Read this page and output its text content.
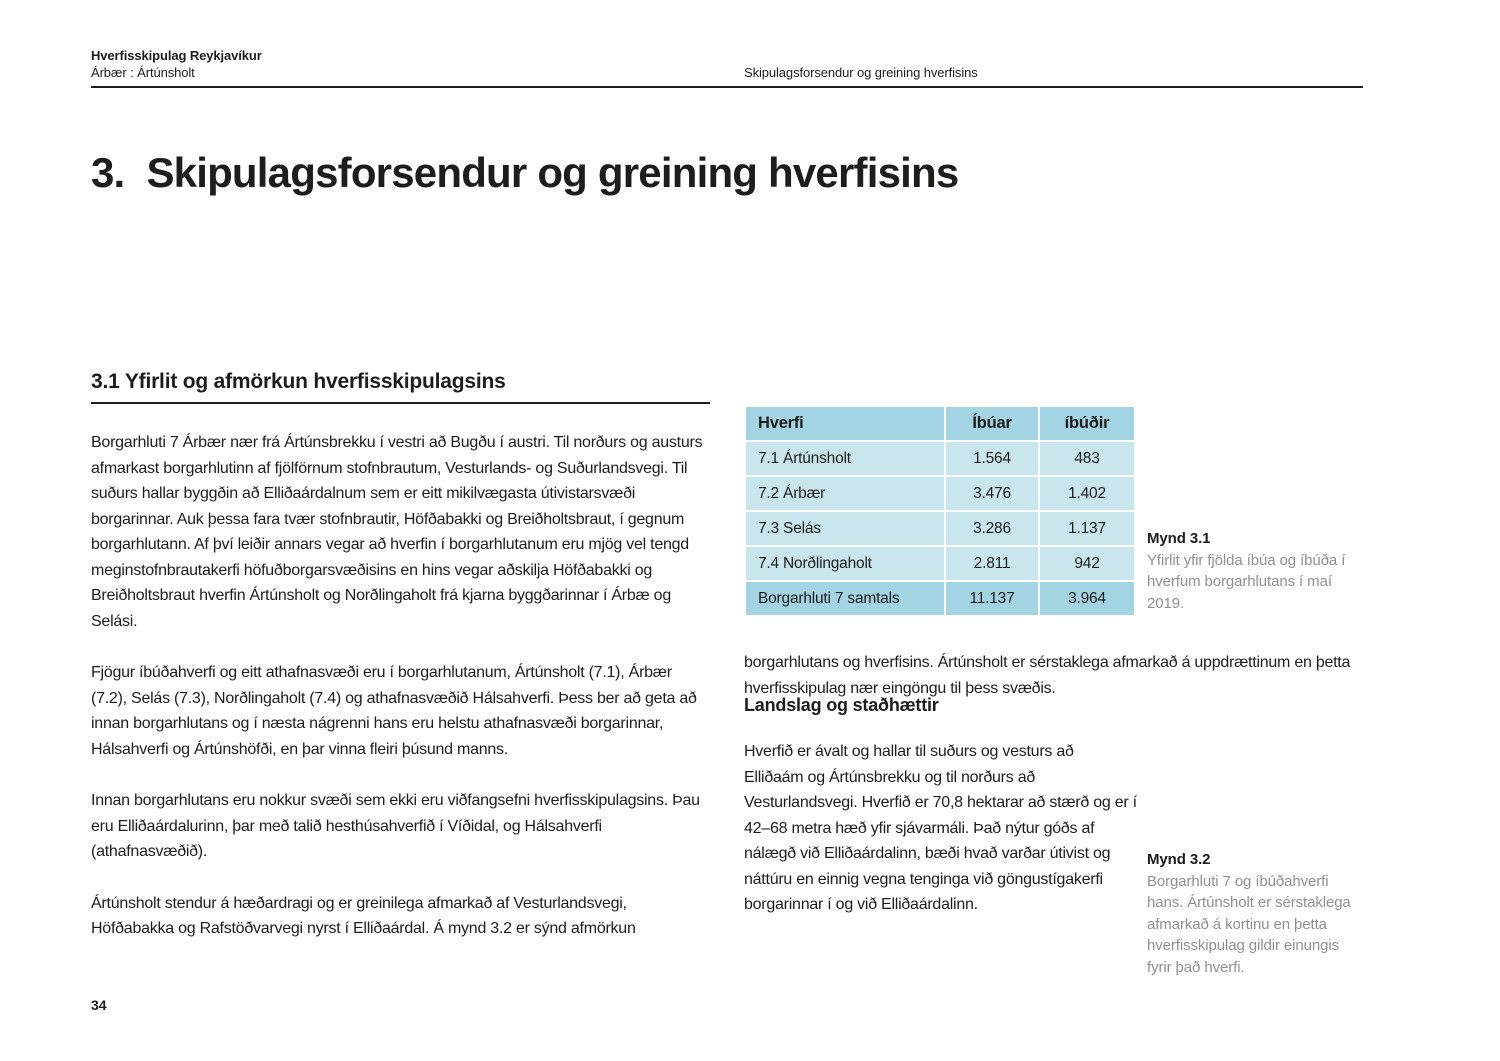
Hverfisskipulag Reykjavíkur
Árbær : Ártúnsholt	Skipulagsforsendur og greining hverfisins
3. Skipulagsforsendur og greining hverfisins
3.1 Yfirlit og afmörkun hverfisskipulagsins

Borgarhluti 7 Árbær nær frá Ártúnsbrekku í vestri að Bugðu í austri. Til norðurs og austurs afmarkast borgarhlutinn af fjölförnum stofnbrautum, Vesturlands- og Suðurlandsvegi. Til suðurs hallar byggðin að Elliðaárdalnum sem er eitt mikilvægasta útivistarsvæði borgarinnar. Auk þessa fara tvær stofnbrautir, Höfðabakki og Breiðholtsbraut, í gegnum borgarhlutann. Af því leiðir annars vegar að hverfin í borgarhlutanum eru mjög vel tengd meginstofnbrautakerfi höfuðborgarsvæðisins en hins vegar aðskilja Höfðabakki og Breiðholtsbraut hverfin Ártúnsholt og Norðlingaholt frá kjarna byggðarinnar í Árbæ og Selási.

Fjögur íbúðahverfi og eitt athafnasvæði eru í borgarhlutanum, Ártúnsholt (7.1), Árbær (7.2), Selás (7.3), Norðlingaholt (7.4) og athafnasvæðið Hálsahverfi. Þess ber að geta að innan borgarhlutans og í næsta nágrenni hans eru helstu athafnasvæði borgarinnar, Hálsahverfi og Ártúnshöfði, en þar vinna fleiri þúsund manns.

Innan borgarhlutans eru nokkur svæði sem ekki eru viðfangsefni hverfisskipulagsins. Þau eru Elliðaárdalurinn, þar með talið hesthúsahverfið í Víðidal, og Hálsahverfi (athafnasvæðið).

Ártúnsholt stendur á hæðardragi og er greinilega afmarkað af Vesturlandsvegi, Höfðabakka og Rafstöðvarvegi nyrst í Elliðaárdal. Á mynd 3.2 er sýnd afmörkun

Hverfi	Íbúar	íbúðir
7.1 Ártúnsholt	1.564	483
7.2 Árbær	3.476	1.402
7.3 Selás	3.286	1.137
7.4 Norðlingaholt	2.811	942
Borgarhluti 7 samtals	11.137	3.964
Mynd 3.1
Yfirlit yfir fjölda íbúa og íbúða í hverfum borgarhlutans í maí 2019.
borgarhlutans og hverfisins. Ártúnsholt er sérstaklega afmarkað á uppdrættinum en þetta hverfisskipulag nær eingöngu til þess svæðis.
Landslag og staðhættir
Hverfið er ávalt og hallar til suðurs og vesturs að Elliðaám og Ártúnsbrekku og til norðurs að Vesturlandsvegi. Hverfið er 70,8 hektarar að stærð og er í 42–68 metra hæð yfir sjávarmáli. Það nýtur góðs af nálægð við Elliðaárdalinn, bæði hvað varðar útivist og náttúru en einnig vegna tenginga við göngustígakerfi borgarinnar í og við Elliðaárdalinn.
Mynd 3.2
Borgarhluti 7 og íbúðahverfi hans. Ártúnsholt er sérstaklega afmarkað á kortinu en þetta hverfisskipulag gildir einungis fyrir það hverfi.
34
